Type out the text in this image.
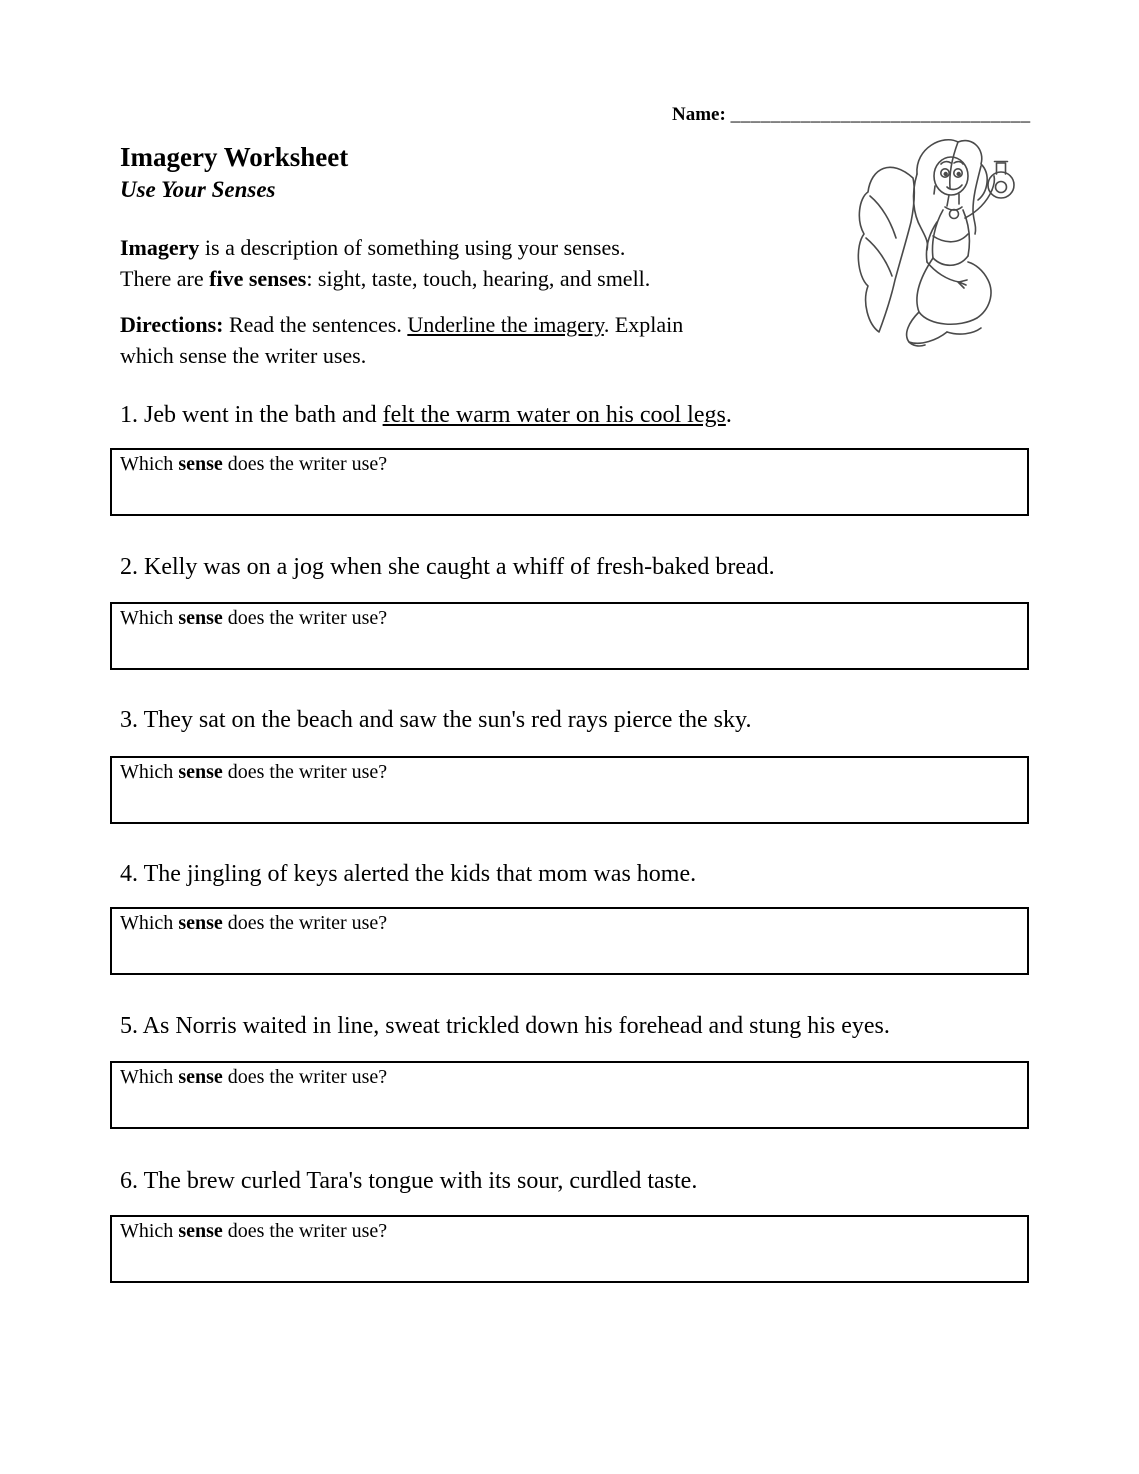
Name: ______________________________
Imagery Worksheet
Use Your Senses
Imagery is a description of something using your senses.
There are five senses: sight, taste, touch, hearing, and smell.
Directions: Read the sentences. Underline the imagery. Explain
which sense the writer uses.
1. Jeb went in the bath and felt the warm water on his cool legs.
Which sense does the writer use?
2. Kelly was on a jog when she caught a whiff of fresh-baked bread.
Which sense does the writer use?
3. They sat on the beach and saw the sun's red rays pierce the sky.
Which sense does the writer use?
4. The jingling of keys alerted the kids that mom was home.
Which sense does the writer use?
5. As Norris waited in line, sweat trickled down his forehead and stung his eyes.
Which sense does the writer use?
6. The brew curled Tara's tongue with its sour, curdled taste.
Which sense does the writer use?
